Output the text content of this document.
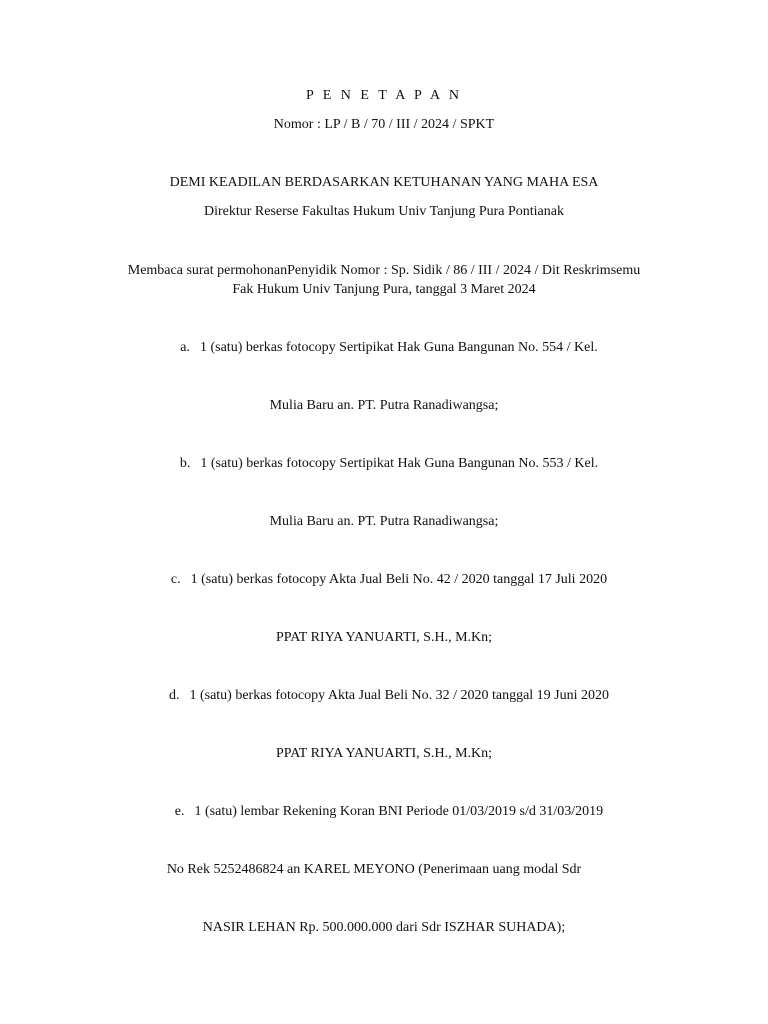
P E N E T A P A N
Nomor : LP / B / 70 / III / 2024 / SPKT
DEMI KEADILAN BERDASARKAN KETUHANAN YANG MAHA ESA
Direktur Reserse Fakultas Hukum Univ Tanjung Pura Pontianak
Membaca surat permohonanPenyidik Nomor : Sp. Sidik / 86 / III / 2024 / Dit Reskrimsemu
Fak Hukum Univ Tanjung Pura, tanggal 3 Maret 2024
a. 1 (satu) berkas fotocopy Sertipikat Hak Guna Bangunan No. 554 / Kel.
Mulia Baru an. PT. Putra Ranadiwangsa;
b. 1 (satu) berkas fotocopy Sertipikat Hak Guna Bangunan No. 553 / Kel.
Mulia Baru an. PT. Putra Ranadiwangsa;
c. 1 (satu) berkas fotocopy Akta Jual Beli No. 42 / 2020 tanggal 17 Juli 2020
PPAT RIYA YANUARTI, S.H., M.Kn;
d. 1 (satu) berkas fotocopy Akta Jual Beli No. 32 / 2020 tanggal 19 Juni 2020
PPAT RIYA YANUARTI, S.H., M.Kn;
e. 1 (satu) lembar Rekening Koran BNI Periode 01/03/2019 s/d 31/03/2019
No Rek 5252486824 an KAREL MEYONO (Penerimaan uang modal Sdr
NASIR LEHAN Rp. 500.000.000 dari Sdr ISZHAR SUHADA);
